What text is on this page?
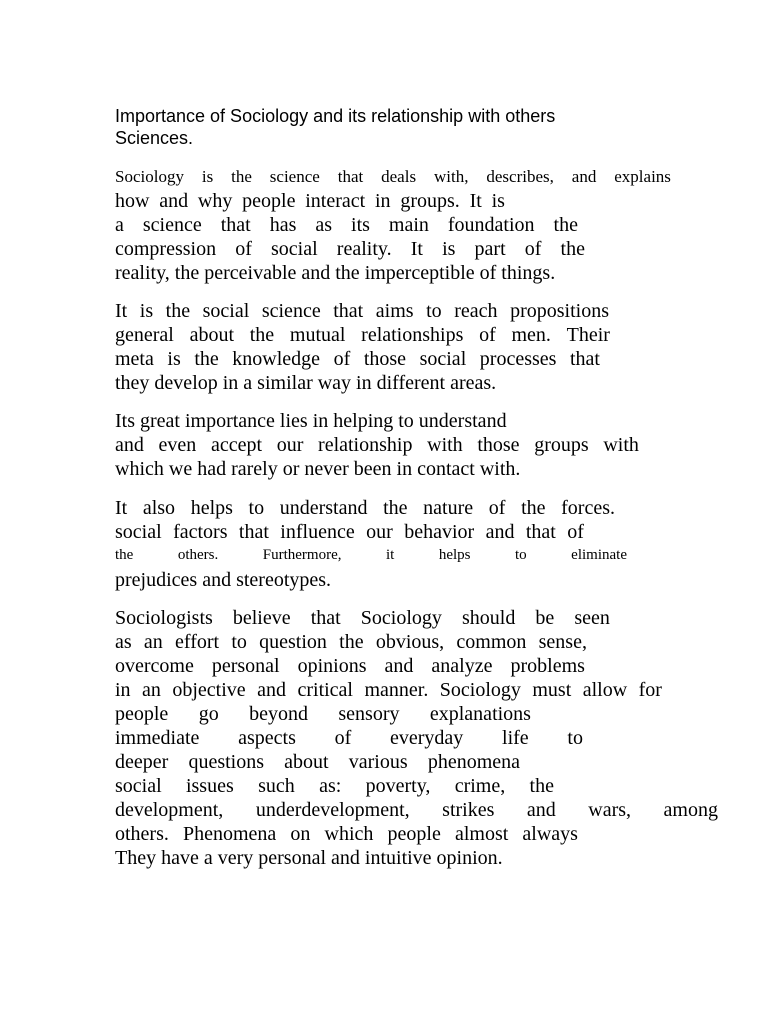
Importance of Sociology and its relationship with others
Sciences.
Sociology is the science that deals with, describes, and explains
how and why people interact in groups. It is
a science that has as its main foundation the
compression of social reality. It is part of the
reality, the perceivable and the imperceptible of things.
It is the social science that aims to reach propositions
general about the mutual relationships of men. Their
meta is the knowledge of those social processes that
they develop in a similar way in different areas.
Its great importance lies in helping to understand
and even accept our relationship with those groups with
which we had rarely or never been in contact with.
It also helps to understand the nature of the forces.
social factors that influence our behavior and that of
the	others.	Furthermore,	it	helps	to	eliminate
prejudices and stereotypes.
Sociologists believe that Sociology should be seen
as an effort to question the obvious, common sense,
overcome personal opinions and analyze problems
in an objective and critical manner. Sociology must allow for
people go beyond sensory explanations
immediate aspects of everyday life to
deeper questions about various phenomena
social issues such as: poverty, crime, the
development, underdevelopment, strikes and wars, among
others. Phenomena on which people almost always
They have a very personal and intuitive opinion.
